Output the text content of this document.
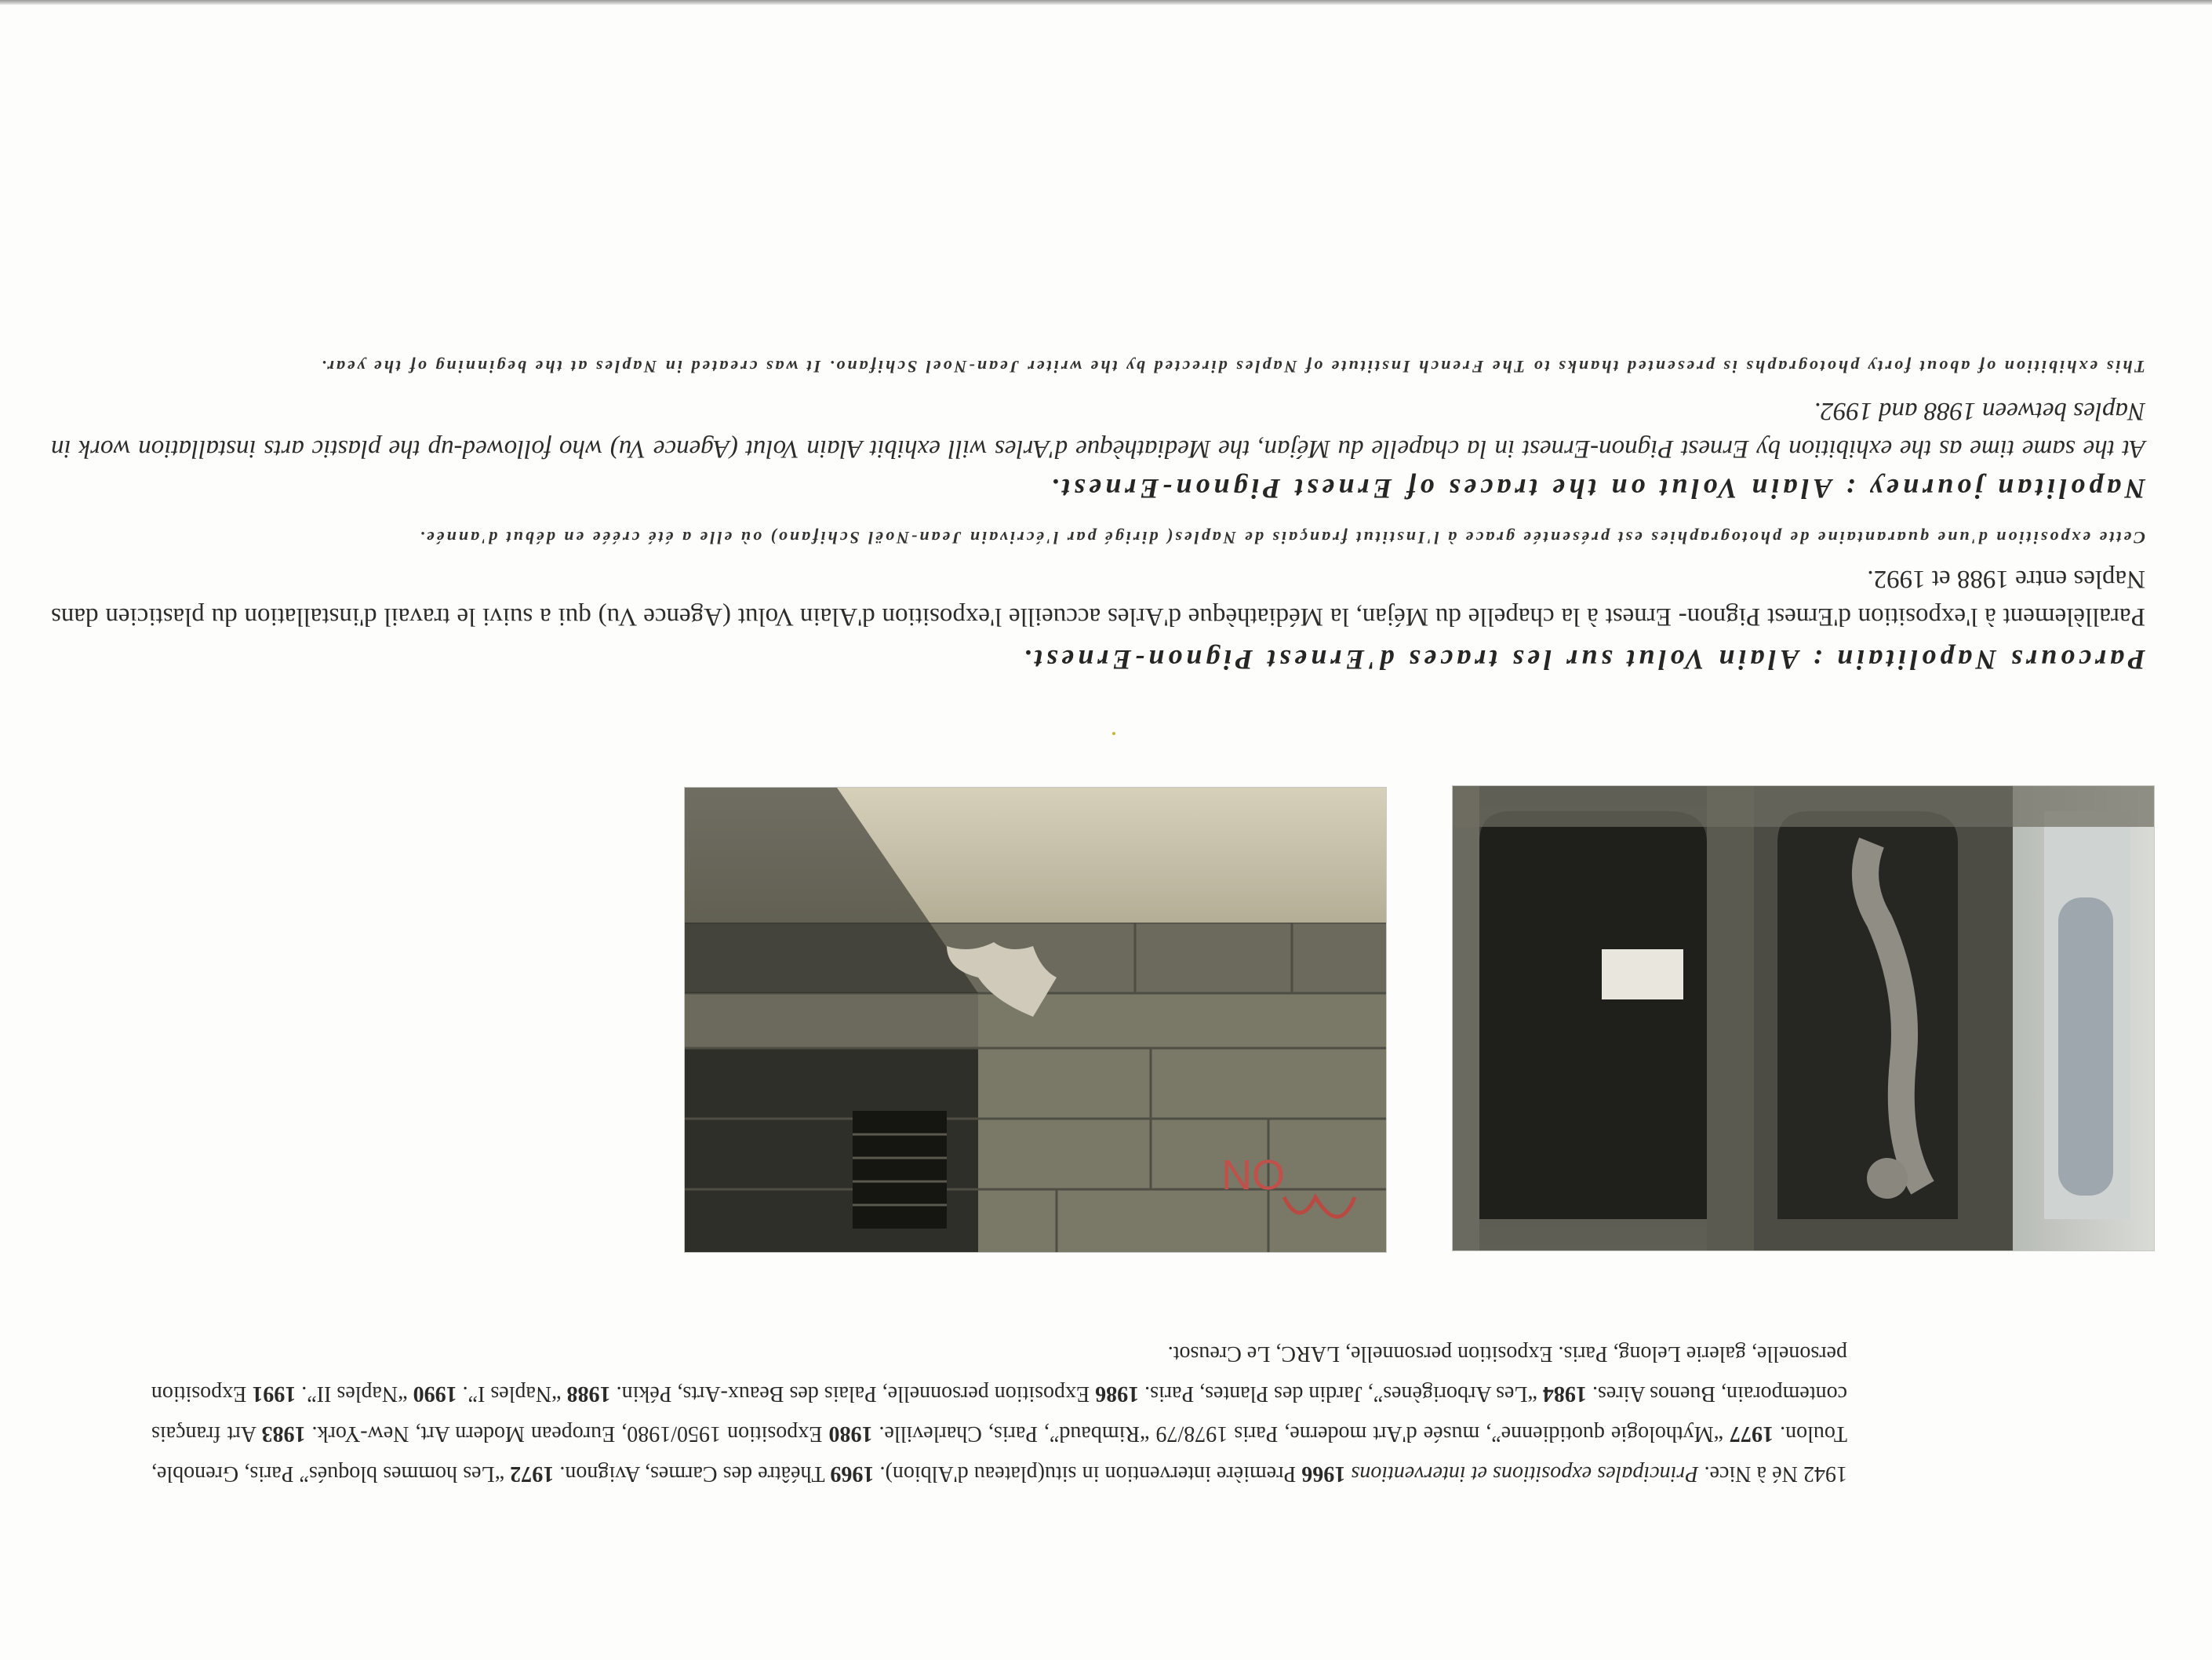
1942 Né à Nice. Principales expositions et interventions 1966 Première intervention in situ(plateau d'Albion). 1969 Théâtre des Carmes, Avignon. 1972 “Les hommes bloqués” Paris, Grenoble, Toulon. 1977 “Mythologie quotidienne”, musée d'Art moderne, Paris 1978/79 “Rimbaud”, Paris, Charleville. 1980 Exposition 1950/1980, European Modern Art, New-York. 1983 Art français contemporain, Buenos Aires. 1984 “Les Arborigènes”, Jardin des Plantes, Paris. 1986 Exposition personnelle, Palais des Beaux-Arts, Pékin. 1988 “Naples I”. 1990 “Naples II”. 1991 Exposition personelle, galerie Lelong, Paris. Exposition personnelle, LARC, Le Creusot.
NO

Parcours Napolitain : Alain Volut sur les traces d'Ernest Pignon-Ernest.

Parallèlement à l'exposition d'Ernest Pignon- Ernest à la chapelle du Méjan, la Médiathèque d'Arles accueille l'exposition d'Alain Volut (Agence Vu) qui a suivi le travail d'installation du plasticien dans Naples entre 1988 et 1992.

Cette exposition d'une quarantaine de photographies est présentée grace à l'Institut français de Naples( dirigé par l'écrivain Jean-Noël Schifano) où elle a été créée en début d'année.

Napolitan journey : Alain Volut on the traces of Ernest Pignon-Ernest.

At the same time as the exhibition by Ernest Pignon-Ernest in la chapelle du Méjan, the Mediathèque d'Arles will exhibit Alain Volut (Agence Vu) who followed-up the plastic arts installation work in Naples between 1988 and 1992.

This exhibition of about forty photographs is presented thanks to The French Institute of Naples directed by the writer Jean-Noel Schifano. It was created in Naples at the beginning of the year.
